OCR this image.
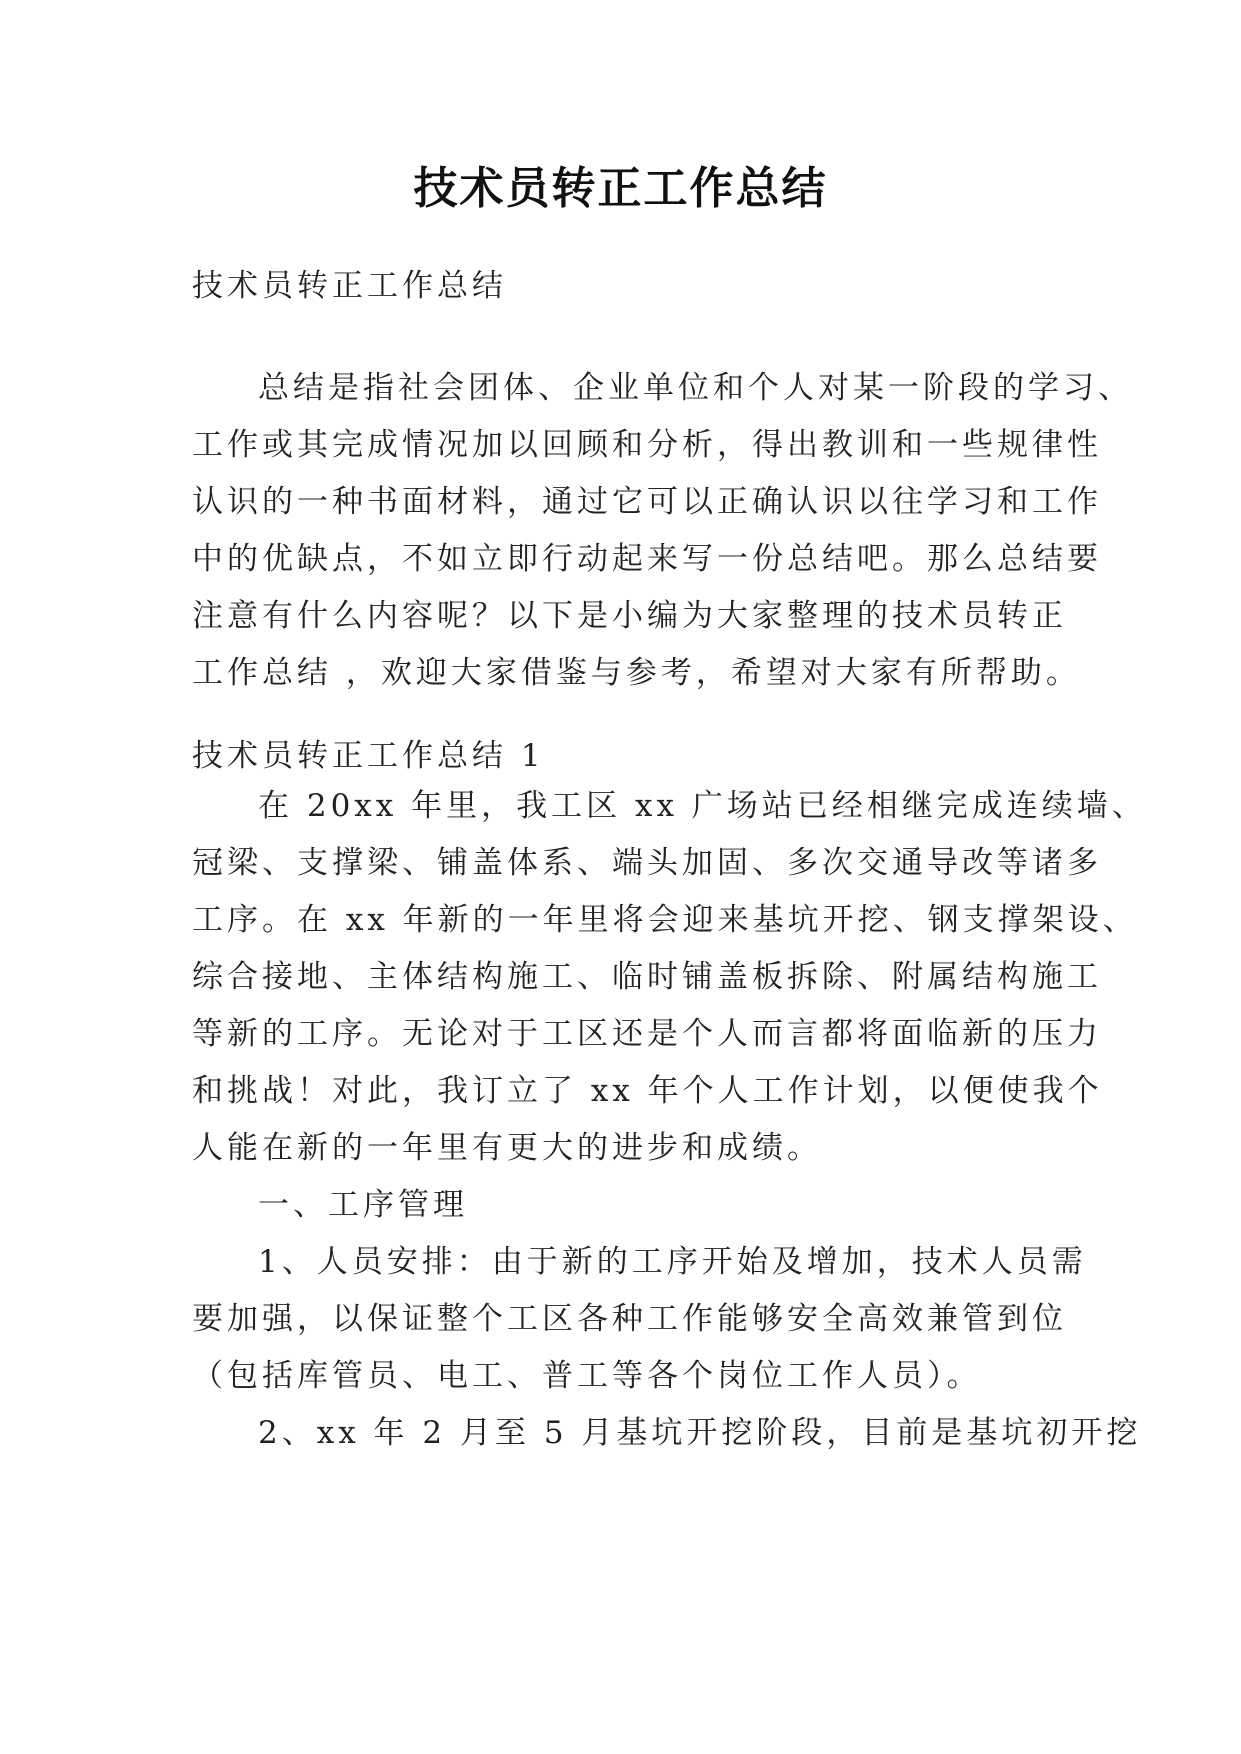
技术员转正工作总结

技术员转正工作总结

总结是指社会团体、企业单位和个人对某一阶段的学习、
工作或其完成情况加以回顾和分析，得出教训和一些规律性
认识的一种书面材料，通过它可以正确认识以往学习和工作
中的优缺点，不如立即行动起来写一份总结吧。那么总结要
注意有什么内容呢？以下是小编为大家整理的技术员转正
工作总结 ，欢迎大家借鉴与参考，希望对大家有所帮助。

技术员转正工作总结 1

在 20xx 年里，我工区 xx 广场站已经相继完成连续墙、
冠梁、支撑梁、铺盖体系、端头加固、多次交通导改等诸多
工序。在 xx 年新的一年里将会迎来基坑开挖、钢支撑架设、
综合接地、主体结构施工、临时铺盖板拆除、附属结构施工
等新的工序。无论对于工区还是个人而言都将面临新的压力
和挑战！对此，我订立了 xx 年个人工作计划，以便使我个
人能在新的一年里有更大的进步和成绩。
一、工序管理
1、人员安排：由于新的工序开始及增加，技术人员需
要加强，以保证整个工区各种工作能够安全高效兼管到位
（包括库管员、电工、普工等各个岗位工作人员）。
2、xx 年 2 月至 5 月基坑开挖阶段，目前是基坑初开挖
